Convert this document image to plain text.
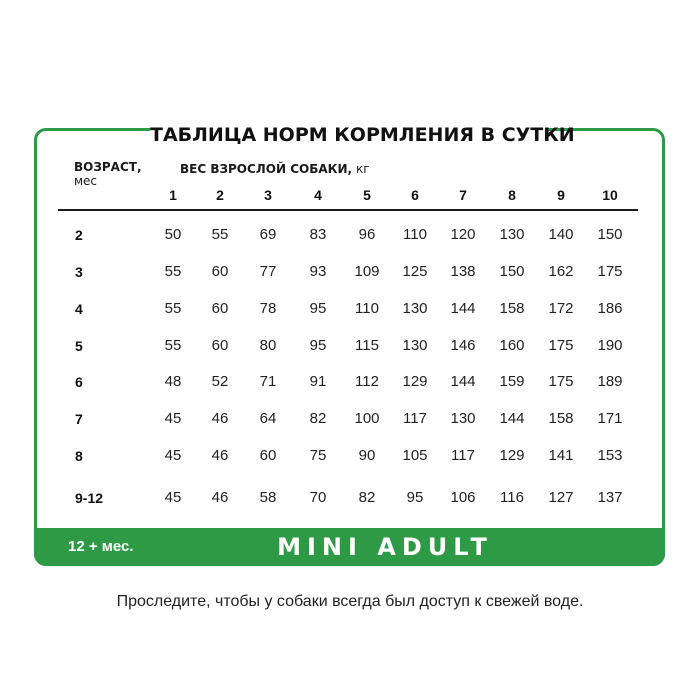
ТАБЛИЦА НОРМ КОРМЛЕНИЯ В СУТКИ
ВОЗРАСТ,
мес
ВЕС ВЗРОСЛОЙ СОБАКИ, кг
1	2	3	4	5	6	7	8	9	10
2	50	55	69	83	96	110	120	130	140	150
3	55	60	77	93	109	125	138	150	162	175
4	55	60	78	95	110	130	144	158	172	186
5	55	60	80	95	115	130	146	160	175	190
6	48	52	71	91	112	129	144	159	175	189
7	45	46	64	82	100	117	130	144	158	171
8	45	46	60	75	90	105	117	129	141	153
9-12	45	46	58	70	82	95	106	116	127	137
12 + мес.	MINI ADULT
Проследите, чтобы у собаки всегда был доступ к свежей воде.
